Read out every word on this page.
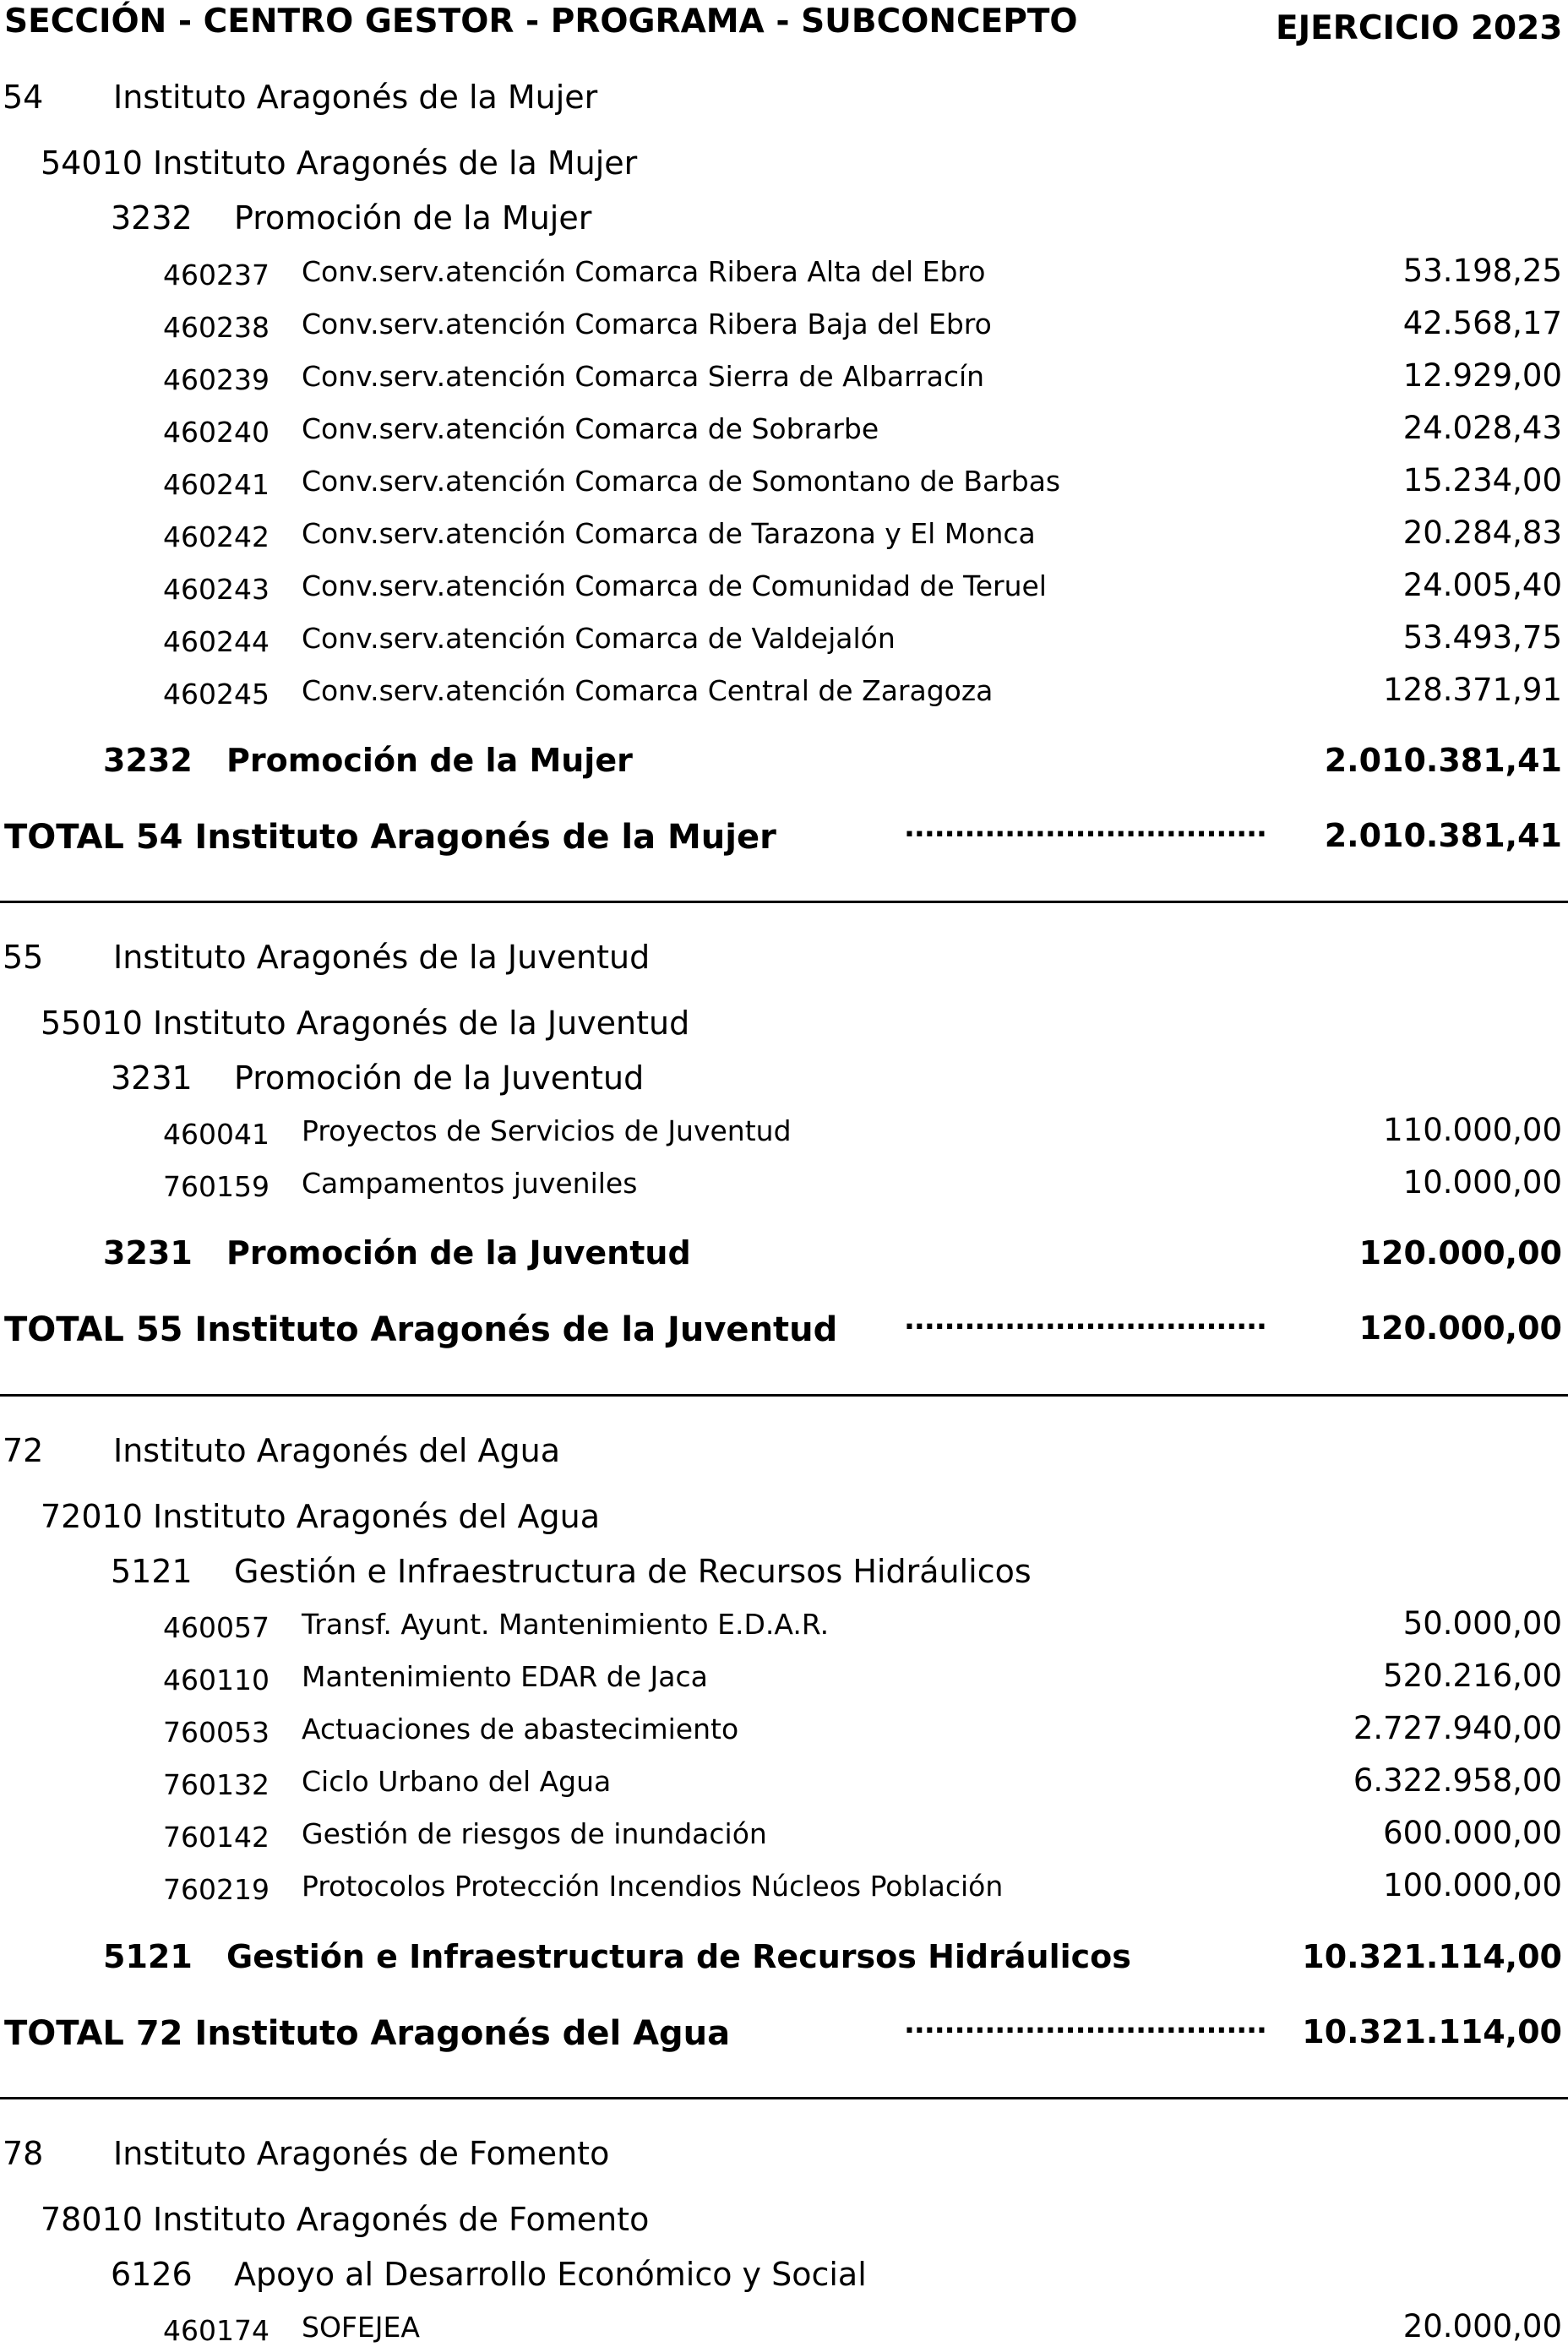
SECCIÓN - CENTRO GESTOR - PROGRAMA - SUBCONCEPTO	EJERCICIO 2023
54 Instituto Aragonés de la Mujer
54010 Instituto Aragonés de la Mujer
3232 Promoción de la Mujer
460237 Conv.serv.atención Comarca Ribera Alta del Ebro	53.198,25
460238 Conv.serv.atención Comarca Ribera Baja del Ebro	42.568,17
460239 Conv.serv.atención Comarca Sierra de Albarracín	12.929,00
460240 Conv.serv.atención Comarca de Sobrarbe	24.028,43
460241 Conv.serv.atención Comarca de Somontano de Barbas	15.234,00
460242 Conv.serv.atención Comarca de Tarazona y El Monca	20.284,83
460243 Conv.serv.atención Comarca de Comunidad de Teruel	24.005,40
460244 Conv.serv.atención Comarca de Valdejalón	53.493,75
460245 Conv.serv.atención Comarca Central de Zaragoza	128.371,91
3232 Promoción de la Mujer	2.010.381,41
TOTAL 54 Instituto Aragonés de la Mujer	.................................... 2.010.381,41
55 Instituto Aragonés de la Juventud
55010 Instituto Aragonés de la Juventud
3231 Promoción de la Juventud
460041 Proyectos de Servicios de Juventud	110.000,00
760159 Campamentos juveniles	10.000,00
3231 Promoción de la Juventud	120.000,00
TOTAL 55 Instituto Aragonés de la Juventud ....................................	120.000,00
72 Instituto Aragonés del Agua
72010 Instituto Aragonés del Agua
5121 Gestión e Infraestructura de Recursos Hidráulicos
460057 Transf. Ayunt. Mantenimiento E.D.A.R.	50.000,00
460110 Mantenimiento EDAR de Jaca	520.216,00
760053 Actuaciones de abastecimiento	2.727.940,00
760132 Ciclo Urbano del Agua	6.322.958,00
760142 Gestión de riesgos de inundación	600.000,00
760219 Protocolos Protección Incendios Núcleos Población	100.000,00
5121 Gestión e Infraestructura de Recursos Hidráulicos	10.321.114,00
TOTAL 72 Instituto Aragonés del Agua	.................................... 10.321.114,00
78 Instituto Aragonés de Fomento
78010 Instituto Aragonés de Fomento
6126 Apoyo al Desarrollo Económico y Social
460174 SOFEJEA	20.000,00
